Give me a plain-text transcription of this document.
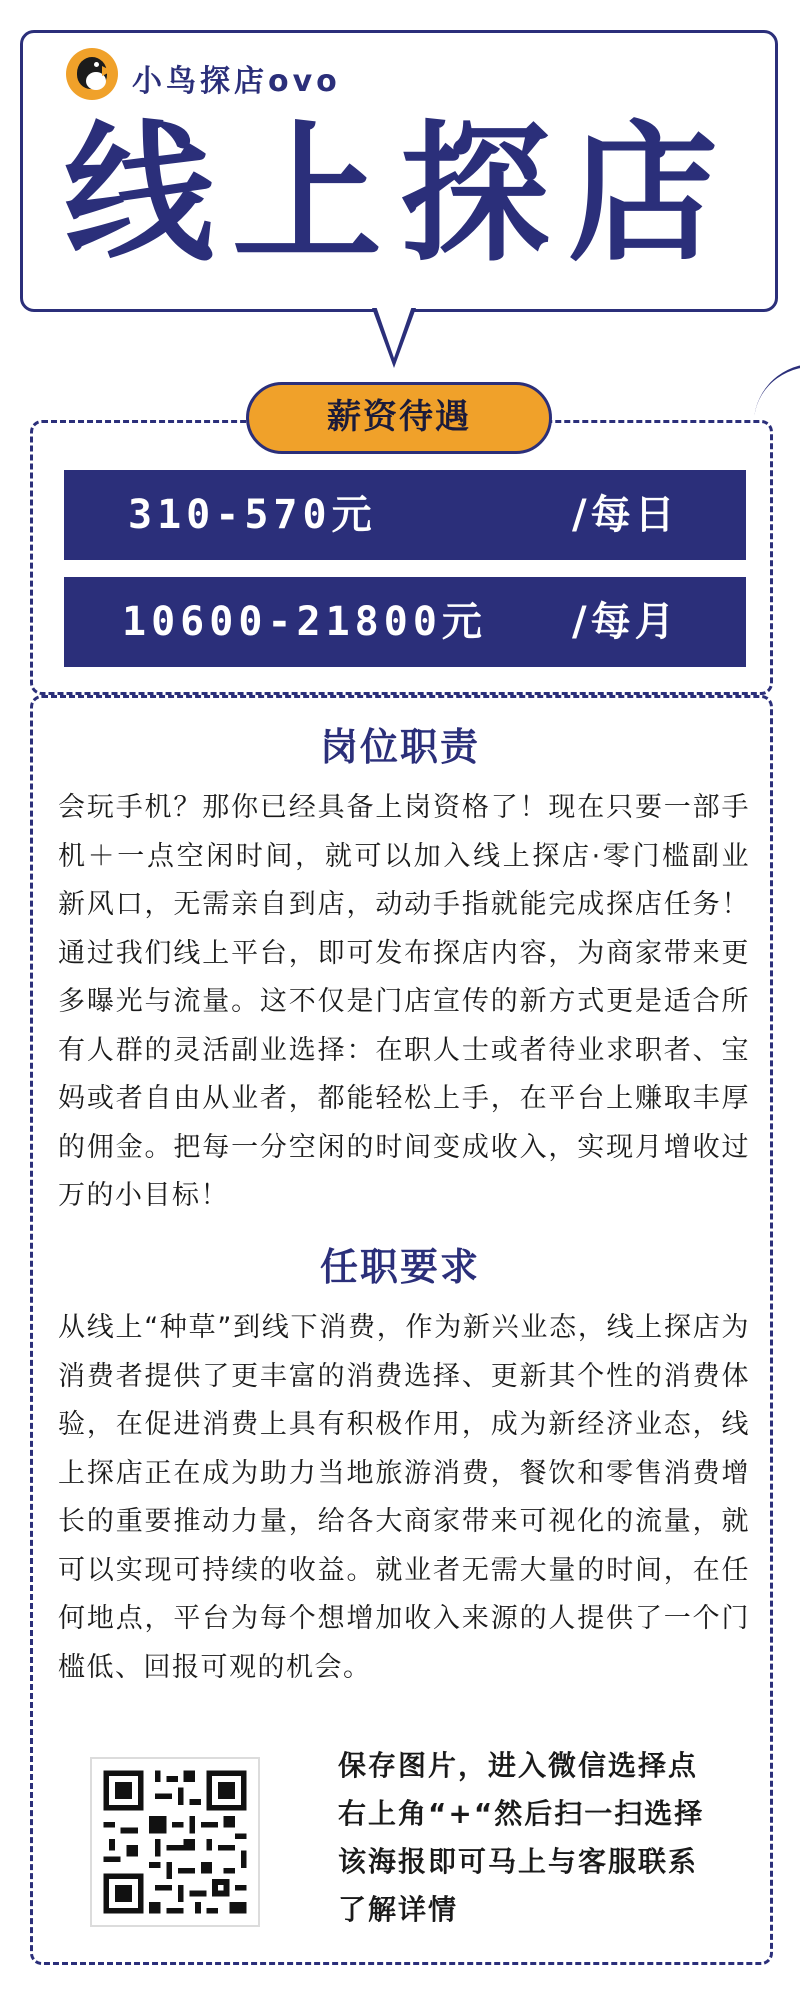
小鸟探店ovo
线上探店
薪资待遇
310-570元	/每日
10600-21800元 /每月
岗位职责
会玩手机？那你已经具备上岗资格了！现在只要一部手机＋一点空闲时间，就可以加入线上探店·零门槛副业新风口，无需亲自到店，动动手指就能完成探店任务！通过我们线上平台，即可发布探店内容，为商家带来更多曝光与流量。这不仅是门店宣传的新方式更是适合所有人群的灵活副业选择：在职人士或者待业求职者、宝妈或者自由从业者，都能轻松上手，在平台上赚取丰厚的佣金。把每一分空闲的时间变成收入，实现月增收过万的小目标！
任职要求
从线上“种草”到线下消费，作为新兴业态，线上探店为消费者提供了更丰富的消费选择、更新其个性的消费体验，在促进消费上具有积极作用，成为新经济业态，线上探店正在成为助力当地旅游消费，餐饮和零售消费增长的重要推动力量，给各大商家带来可视化的流量，就可以实现可持续的收益。就业者无需大量的时间，在任何地点，平台为每个想增加收入来源的人提供了一个门槛低、回报可观的机会。
保存图片，进入微信选择点右上角“+“然后扫一扫选择该海报即可马上与客服联系了解详情
